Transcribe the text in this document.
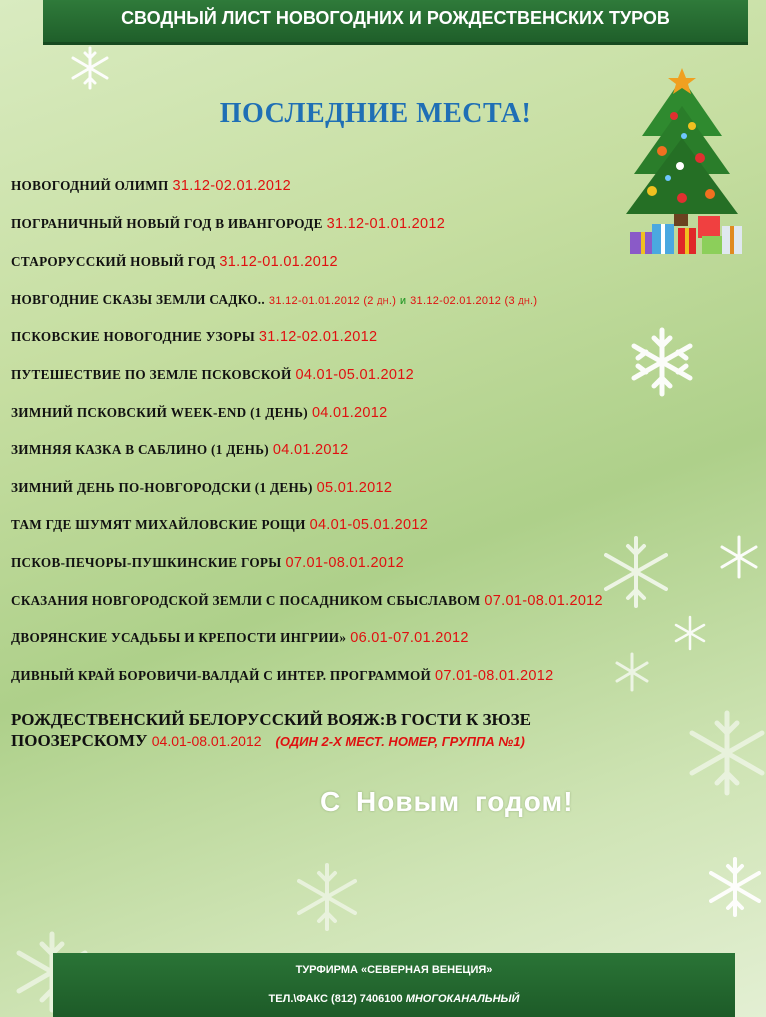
СВОДНЫЙ ЛИСТ НОВОГОДНИХ И РОЖДЕСТВЕНСКИХ ТУРОВ
ПОСЛЕДНИЕ МЕСТА!
НОВОГОДНИЙ ОЛИМП 31.12-02.01.2012
ПОГРАНИЧНЫЙ НОВЫЙ ГОД В ИВАНГОРОДЕ 31.12-01.01.2012
СТАРОРУССКИЙ НОВЫЙ ГОД 31.12-01.01.2012
НОВГОДНИЕ СКАЗЫ ЗЕМЛИ САДКО.. 31.12-01.01.2012 (2 дн.) и 31.12-02.01.2012 (3 дн.)
ПСКОВСКИЕ НОВОГОДНИЕ УЗОРЫ 31.12-02.01.2012
ПУТЕШЕСТВИЕ ПО ЗЕМЛЕ ПСКОВСКОЙ 04.01-05.01.2012
ЗИМНИЙ ПСКОВСКИЙ WEEK-END (1 ДЕНЬ) 04.01.2012
ЗИМНЯЯ КАЗКА В САБЛИНО (1 ДЕНЬ) 04.01.2012
ЗИМНИЙ ДЕНЬ ПО-НОВГОРОДСКИ (1 ДЕНЬ) 05.01.2012
ТАМ ГДЕ ШУМЯТ МИХАЙЛОВСКИЕ РОЩИ 04.01-05.01.2012
ПСКОВ-ПЕЧОРЫ-ПУШКИНСКИЕ ГОРЫ 07.01-08.01.2012
СКАЗАНИЯ НОВГОРОДСКОЙ ЗЕМЛИ С ПОСАДНИКОМ СБЫСЛАВОМ 07.01-08.01.2012
ДВОРЯНСКИЕ УСАДЬБЫ И КРЕПОСТИ ИНГРИИ» 06.01-07.01.2012
ДИВНЫЙ КРАЙ БОРОВИЧИ-ВАЛДАЙ С ИНТЕР. ПРОГРАММОЙ 07.01-08.01.2012
РОЖДЕСТВЕНСКИЙ БЕЛОРУССКИЙ ВОЯЖ:В ГОСТИ К ЗЮЗЕ
ПООЗЕРСКОМУ 04.01-08.01.2012 (ОДИН 2-Х МЕСТ. НОМЕР, ГРУППА №1)
С Новым годом!
ТУРФИРМА «СЕВЕРНАЯ ВЕНЕЦИЯ»
ТЕЛ.\ФАКС (812) 7406100 МНОГОКАНАЛЬНЫЙ
